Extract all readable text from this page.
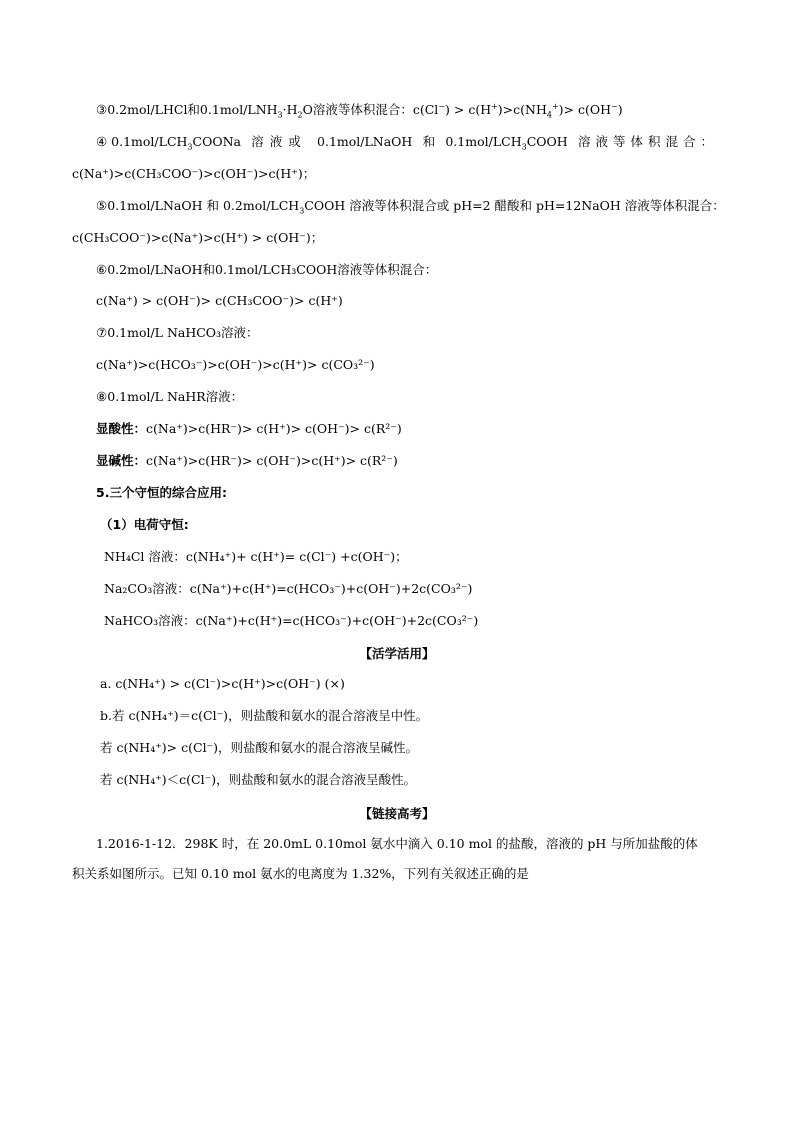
③0.2mol/LHCl和$0.1mol/LNH_3\cdot H_2O$溶液等体积混合：$c(Cl^-) > c(H^+)>c(NH_4^+)> c(OH^-)$
④ $0.1mol/LCH_3COONa$ 溶液或 0.1mol/LNaOH 和 $0.1mol/LCH_3COOH$ 溶液等体积混合：
c(Na⁺)>c(CH₃COO⁻)>c(OH⁻)>c(H⁺)；
⑤0.1mol/LNaOH 和 $0.2mol/LCH_3COOH$ 溶液等体积混合或 pH=2 醋酸和 pH=12NaOH 溶液等体积混合：
c(CH₃COO⁻)>c(Na⁺)>c(H⁺) > c(OH⁻)；
⑥0.2mol/LNaOH和0.1mol/LCH₃COOH溶液等体积混合：
c(Na⁺) > c(OH⁻)> c(CH₃COO⁻)> c(H⁺)
⑦0.1mol/L NaHCO₃溶液：
c(Na⁺)>c(HCO₃⁻)>c(OH⁻)>c(H⁺)> c(CO₃²⁻)
⑧0.1mol/L NaHR溶液：
显酸性：c(Na⁺)>c(HR⁻)> c(H⁺)> c(OH⁻)> c(R²⁻)
显碱性：c(Na⁺)>c(HR⁻)> c(OH⁻)>c(H⁺)> c(R²⁻)
5.三个守恒的综合应用:
（1）电荷守恒:
NH₄Cl 溶液：c(NH₄⁺)+ c(H⁺)= c(Cl⁻) +c(OH⁻)；
Na₂CO₃溶液：c(Na⁺)+c(H⁺)=c(HCO₃⁻)+c(OH⁻)+2c(CO₃²⁻)
NaHCO₃溶液：c(Na⁺)+c(H⁺)=c(HCO₃⁻)+c(OH⁻)+2c(CO₃²⁻)
【活学活用】
a. c(NH₄⁺) > c(Cl⁻)>c(H⁺)>c(OH⁻) (×)
b.若 c(NH₄⁺)＝c(Cl⁻)，则盐酸和氨水的混合溶液呈中性。
若 c(NH₄⁺)> c(Cl⁻)，则盐酸和氨水的混合溶液呈碱性。
若 c(NH₄⁺)＜c(Cl⁻)，则盐酸和氨水的混合溶液呈酸性。
【链接高考】
1.2016-1-12．298K 时，在 20.0mL 0.10mol 氨水中滴入 0.10 mol 的盐酸，溶液的 pH 与所加盐酸的体
积关系如图所示。已知 0.10 mol 氨水的电离度为 1.32%，下列有关叙述正确的是
